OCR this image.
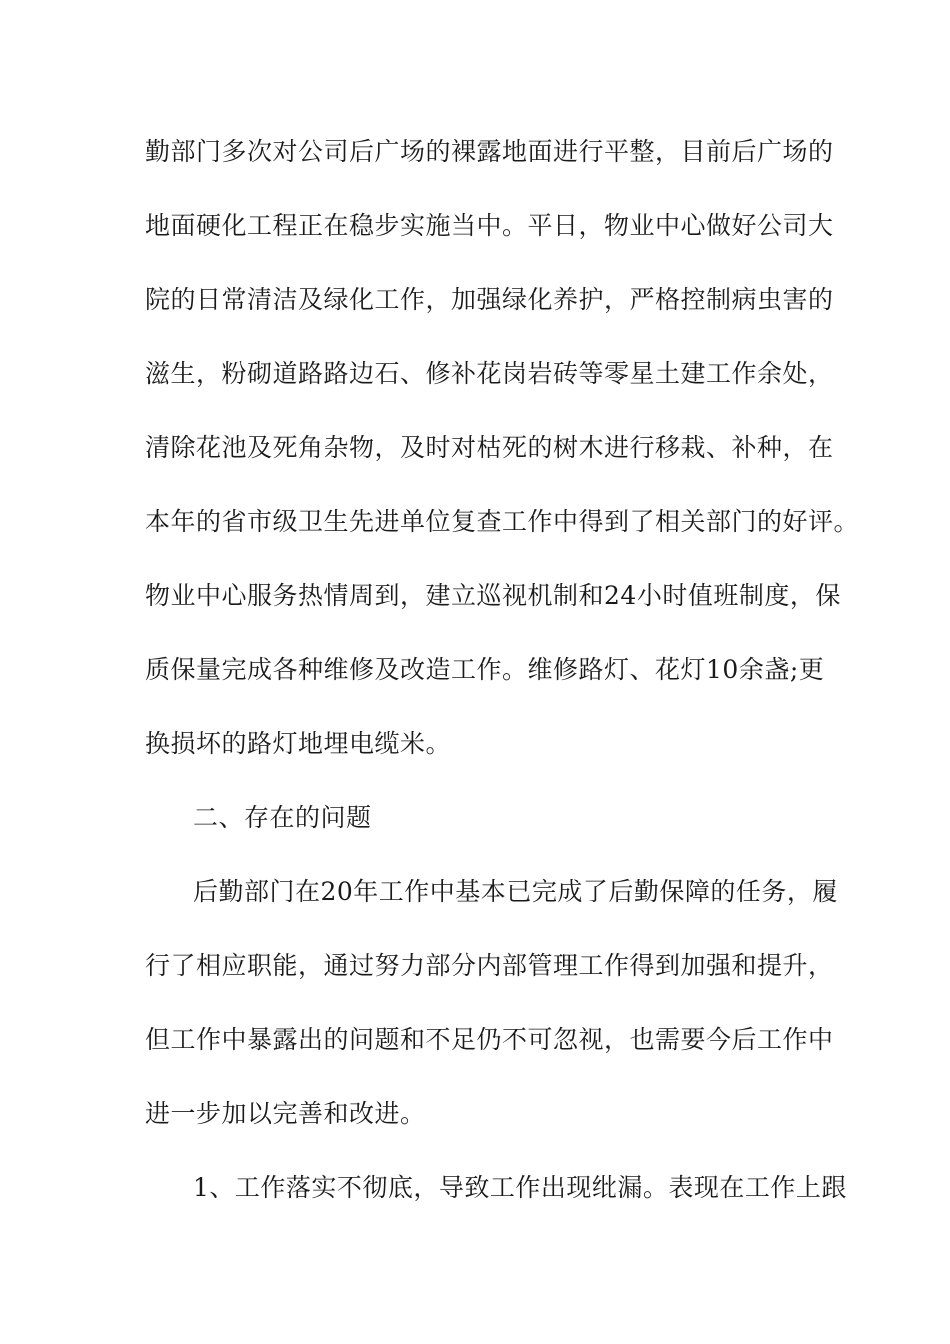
勤部门多次对公司后广场的裸露地面进行平整，目前后广场的
地面硬化工程正在稳步实施当中。平日，物业中心做好公司大
院的日常清洁及绿化工作，加强绿化养护，严格控制病虫害的
滋生，粉砌道路路边石、修补花岗岩砖等零星土建工作余处，
清除花池及死角杂物，及时对枯死的树木进行移栽、补种，在
本年的省市级卫生先进单位复查工作中得到了相关部门的好评。
物业中心服务热情周到，建立巡视机制和24小时值班制度，保
质保量完成各种维修及改造工作。维修路灯、花灯10余盏;更
换损坏的路灯地埋电缆米。
二、存在的问题
后勤部门在20年工作中基本已完成了后勤保障的任务，履
行了相应职能，通过努力部分内部管理工作得到加强和提升，
但工作中暴露出的问题和不足仍不可忽视，也需要今后工作中
进一步加以完善和改进。
1、工作落实不彻底，导致工作出现纰漏。表现在工作上跟
